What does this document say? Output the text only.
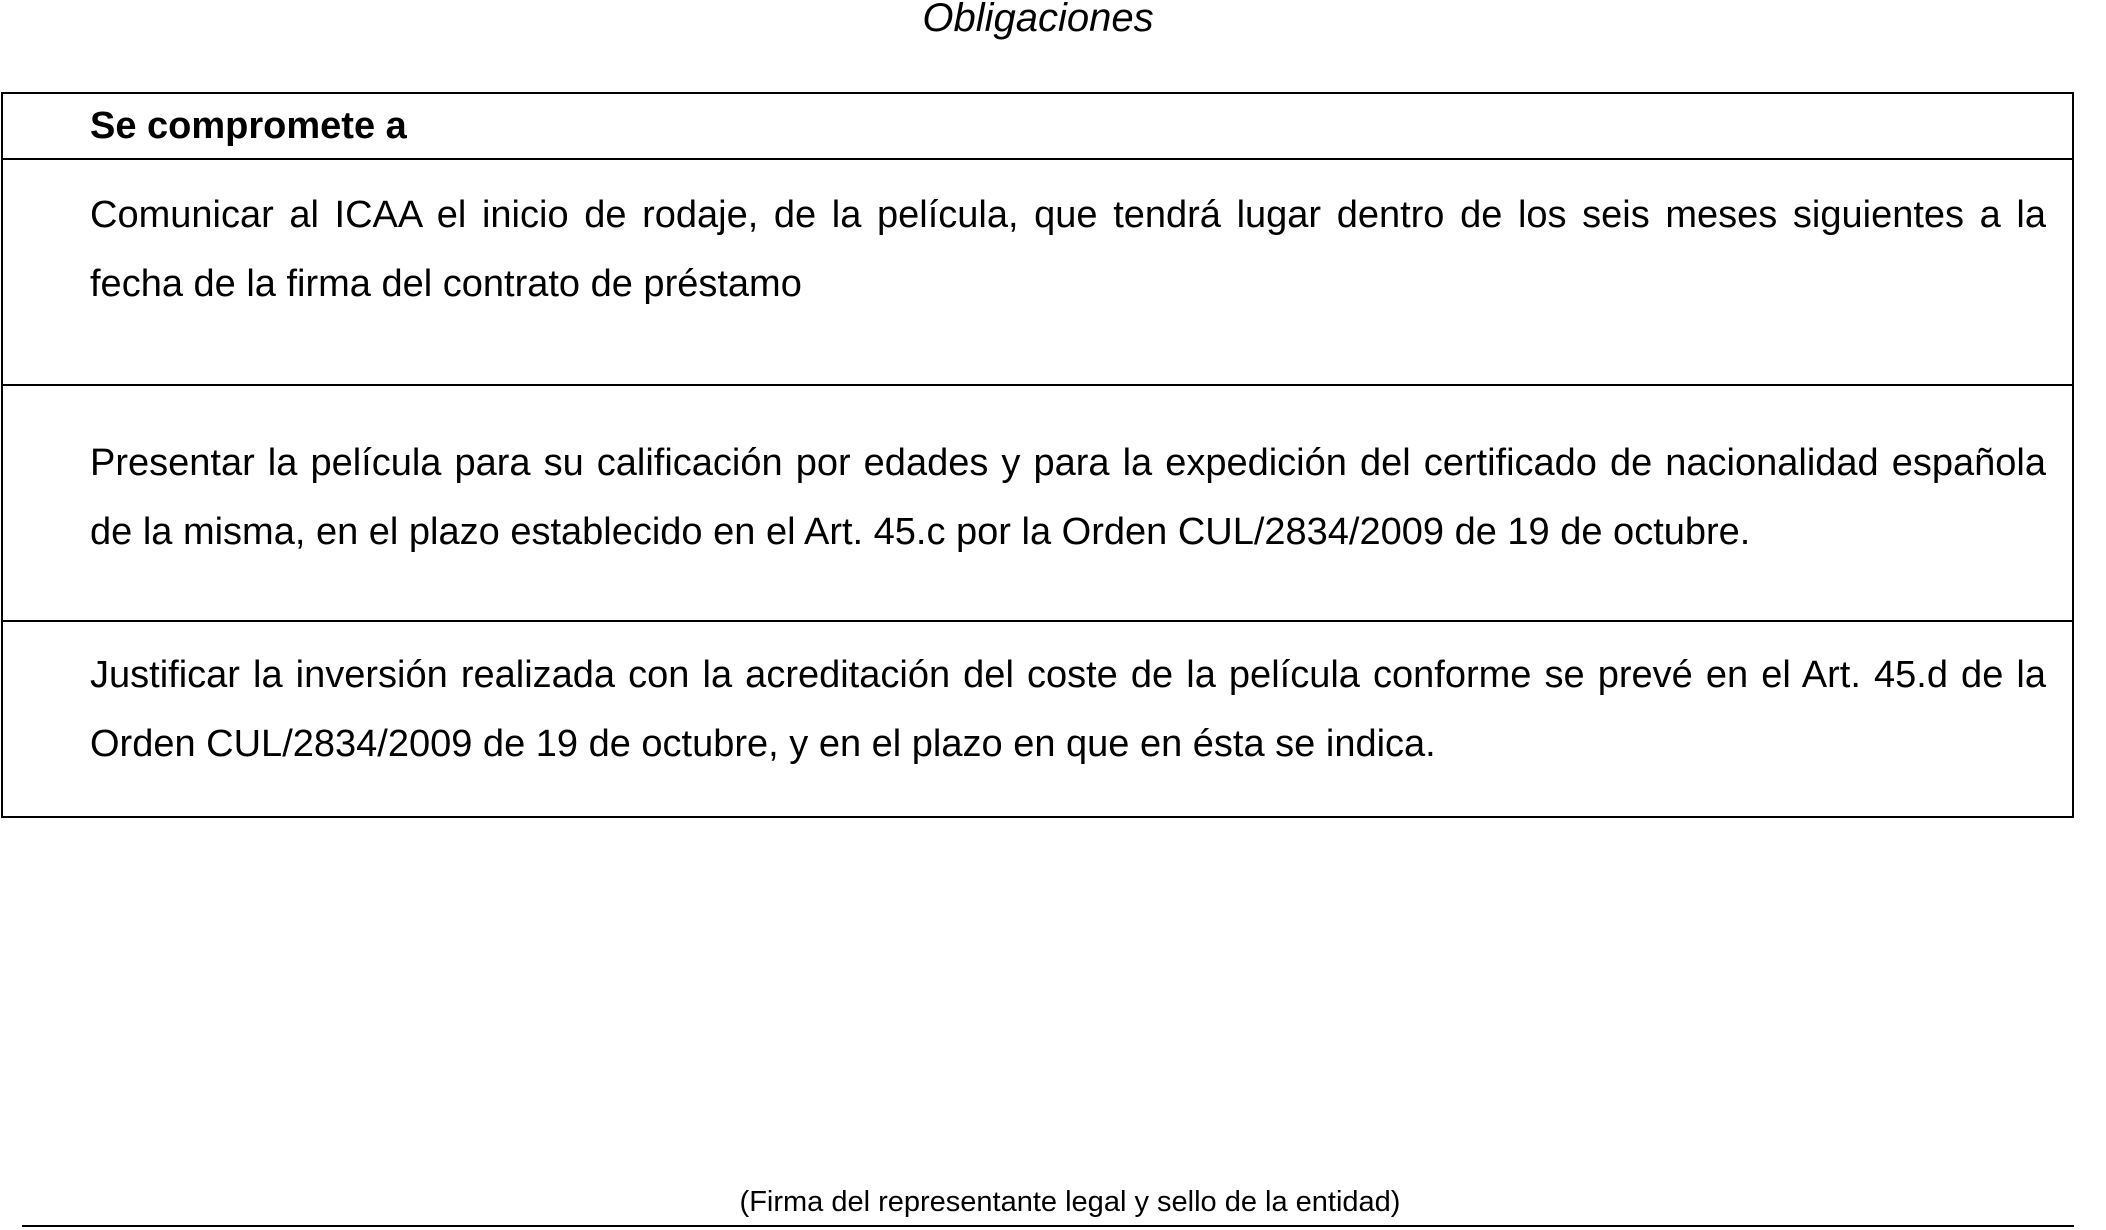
Obligaciones
Se compromete a
Comunicar al ICAA el inicio de rodaje, de la película, que tendrá lugar dentro de los seis meses siguientes a la fecha de la firma del contrato de préstamo
Presentar la película para su calificación por edades y para la expedición del certificado de nacionalidad española de la misma, en el plazo establecido en el Art. 45.c por la Orden CUL/2834/2009 de 19 de octubre.
Justificar la inversión realizada con la acreditación del coste de la película conforme se prevé en el Art. 45.d de la Orden CUL/2834/2009 de 19 de octubre, y en el plazo en que en ésta se indica.
(Firma del representante legal y sello de la entidad)
